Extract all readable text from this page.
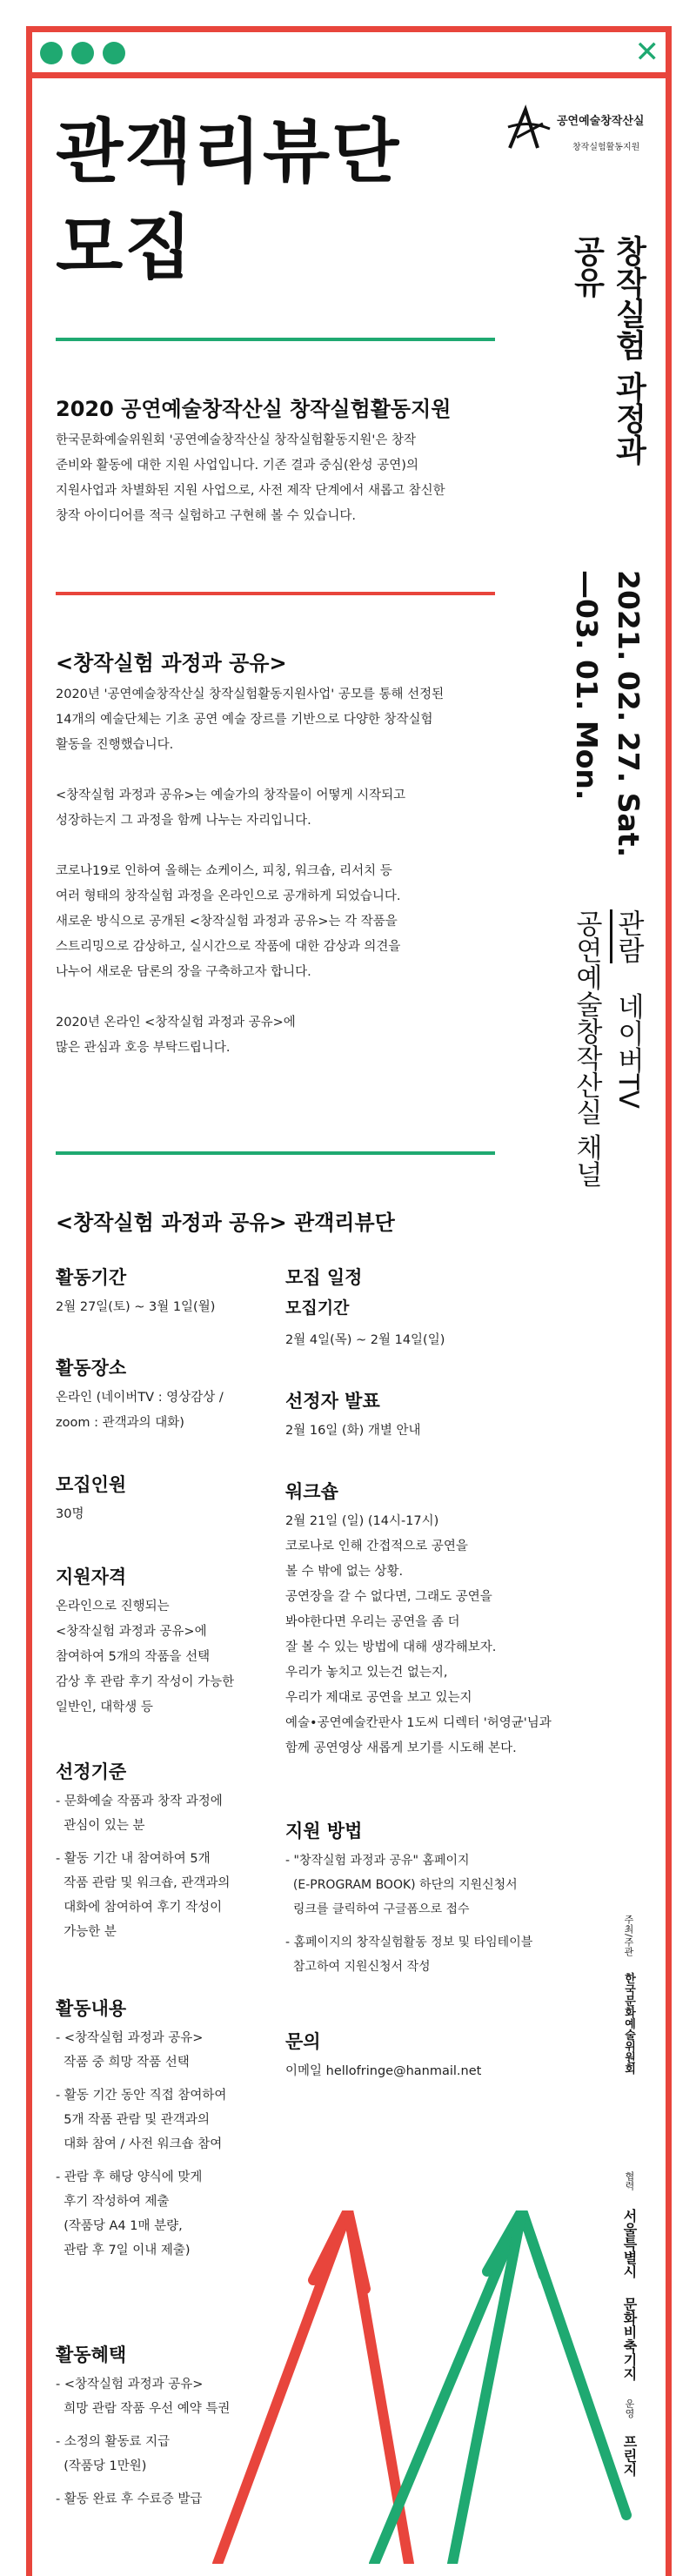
✕
관객리뷰단
모집
공연예술창작산실
창작실험활동지원
창작실험 과정과
공유
2021. 02. 27. Sat.
—03. 01. Mon.
관람  네이버TV
공연예술창작산실 채널
주최/주관  한국문화예술위원회
협력  서울특별시  문화비축기지  운영  프린지
2020 공연예술창작산실 창작실험활동지원
한국문화예술위원회 '공연예술창작산실 창작실험활동지원'은 창작
준비와 활동에 대한 지원 사업입니다. 기존 결과 중심(완성 공연)의
지원사업과 차별화된 지원 사업으로, 사전 제작 단계에서 새롭고 참신한
창작 아이디어를 적극 실험하고 구현해 볼 수 있습니다.
<창작실험 과정과 공유>
2020년 '공연예술창작산실 창작실험활동지원사업' 공모를 통해 선정된
14개의 예술단체는 기초 공연 예술 장르를 기반으로 다양한 창작실험
활동을 진행했습니다.
<창작실험 과정과 공유>는 예술가의 창작물이 어떻게 시작되고
성장하는지 그 과정을 함께 나누는 자리입니다.
코로나19로 인하여 올해는 쇼케이스, 피칭, 워크숍, 리서치 등
여러 형태의 창작실험 과정을 온라인으로 공개하게 되었습니다.
새로운 방식으로 공개된 <창작실험 과정과 공유>는 각 작품을
스트리밍으로 감상하고, 실시간으로 작품에 대한 감상과 의견을
나누어 새로운 담론의 장을 구축하고자 합니다.
2020년 온라인 <창작실험 과정과 공유>에
많은 관심과 호응 부탁드립니다.
<창작실험 과정과 공유> 관객리뷰단
활동기간
2월 27일(토) ~ 3월 1일(월)
활동장소
온라인 (네이버TV : 영상감상 /
zoom : 관객과의 대화)
모집인원
30명
지원자격
온라인으로 진행되는
<창작실험 과정과 공유>에
참여하여 5개의 작품을 선택
감상 후 관람 후기 작성이 가능한
일반인, 대학생 등
선정기준
- 문화예술 작품과 창작 과정에
관심이 있는 분
- 활동 기간 내 참여하여 5개
작품 관람 및 워크숍, 관객과의
대화에 참여하여 후기 작성이
가능한 분
활동내용
- <창작실험 과정과 공유>
작품 중 희망 작품 선택
- 활동 기간 동안 직접 참여하여
5개 작품 관람 및 관객과의
대화 참여 / 사전 워크숍 참여
- 관람 후 해당 양식에 맞게
후기 작성하여 제출
(작품당 A4 1매 분량,
관람 후 7일 이내 제출)
활동혜택
- <창작실험 과정과 공유>
희망 관람 작품 우선 예약 특권
- 소정의 활동료 지급
(작품당 1만원)
- 활동 완료 후 수료증 발급
모집 일정
모집기간
2월 4일(목) ~ 2월 14일(일)
선정자 발표
2월 16일 (화) 개별 안내
워크숍
2월 21일 (일) (14시-17시)
코로나로 인해 간접적으로 공연을
볼 수 밖에 없는 상황.
공연장을 갈 수 없다면, 그래도 공연을
봐야한다면 우리는 공연을 좀 더
잘 볼 수 있는 방법에 대해 생각해보자.
우리가 놓치고 있는건 없는지,
우리가 제대로 공연을 보고 있는지
예술•공연예술칸판사 1도씨 디렉터 '허영균'님과
함께 공연영상 새롭게 보기를 시도해 본다.
지원 방법
- "창작실험 과정과 공유" 홈페이지
(E-PROGRAM BOOK) 하단의 지원신청서
링크를 클릭하여 구글폼으로 접수
- 홈페이지의 창작실험활동 정보 및 타임테이블
참고하여 지원신청서 작성
문의
이메일 hellofringe@hanmail.net
